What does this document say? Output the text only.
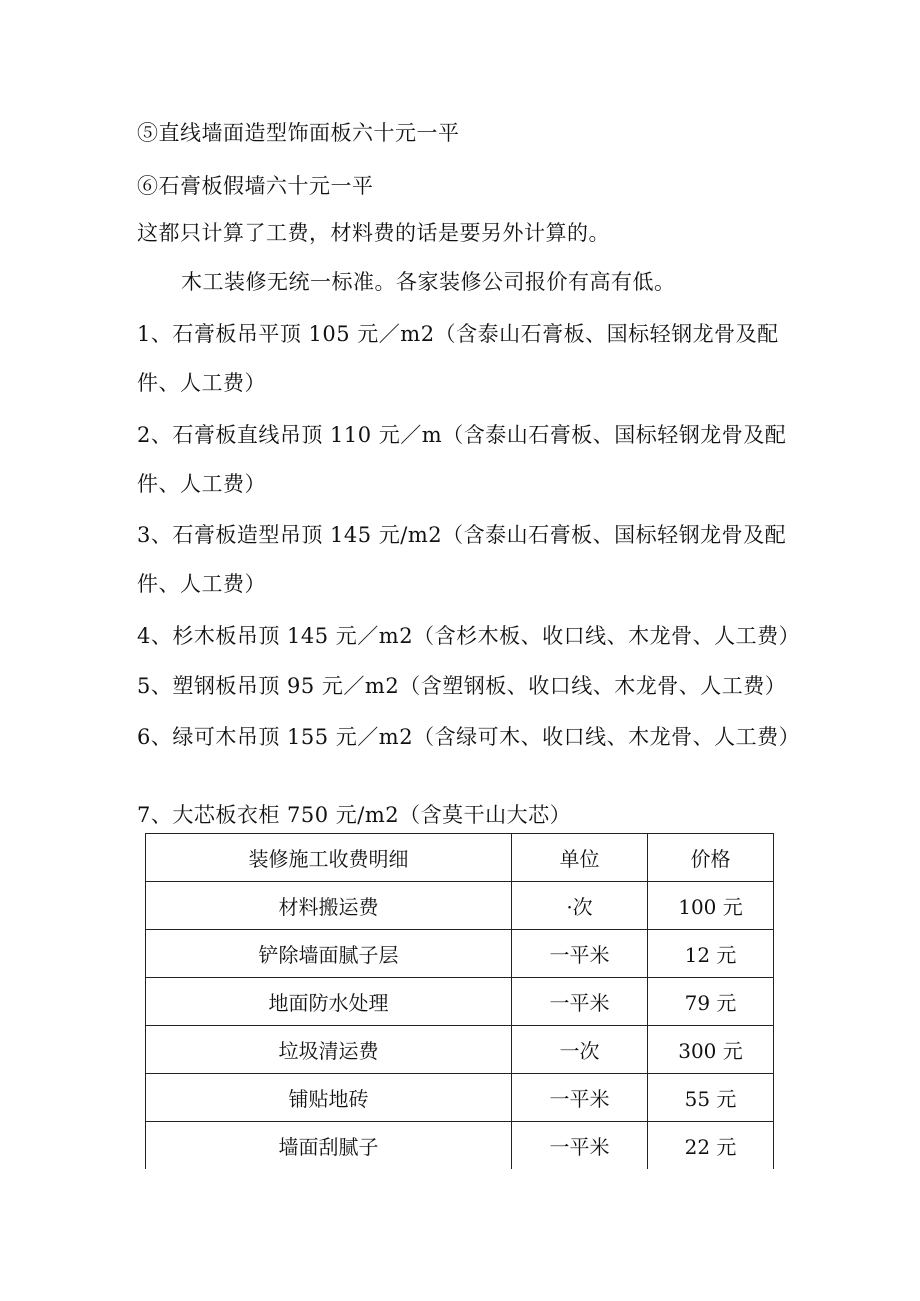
⑤直线墙面造型饰面板六十元一平
⑥石膏板假墙六十元一平
这都只计算了工费，材料费的话是要另外计算的。
木工装修无统一标准。各家装修公司报价有高有低。
1、石膏板吊平顶 105 元／m2（含泰山石膏板、国标轻钢龙骨及配
件、人工费）
2、石膏板直线吊顶 110 元／m（含泰山石膏板、国标轻钢龙骨及配
件、人工费）
3、石膏板造型吊顶 145 元/m2（含泰山石膏板、国标轻钢龙骨及配
件、人工费）
4、杉木板吊顶 145 元／m2（含杉木板、收口线、木龙骨、人工费）
5、塑钢板吊顶 95 元／m2（含塑钢板、收口线、木龙骨、人工费）
6、绿可木吊顶 155 元／m2（含绿可木、收口线、木龙骨、人工费）
7、大芯板衣柜 750 元/m2（含莫干山大芯）
装修施工收费明细	单位	价格
材料搬运费	·次	100 元
铲除墙面腻子层	一平米	12 元
地面防水处理	一平米	79 元
垃圾清运费	一次	300 元
铺贴地砖	一平米	55 元
墙面刮腻子	一平米	22 元
